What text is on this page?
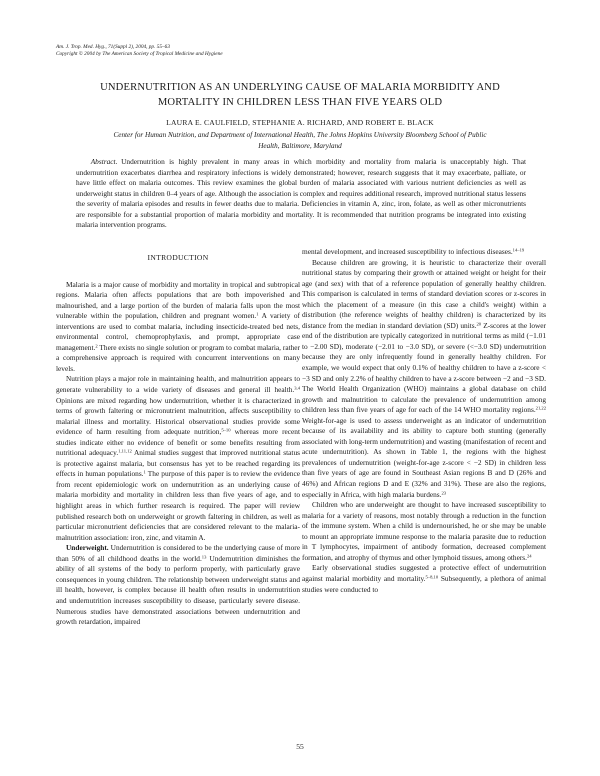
Am. J. Trop. Med. Hyg., 71(Suppl 2), 2004, pp. 55–63
Copyright © 2004 by The American Society of Tropical Medicine and Hygiene
UNDERNUTRITION AS AN UNDERLYING CAUSE OF MALARIA MORBIDITY AND
MORTALITY IN CHILDREN LESS THAN FIVE YEARS OLD
LAURA E. CAULFIELD, STEPHANIE A. RICHARD, AND ROBERT E. BLACK
Center for Human Nutrition, and Department of International Health, The Johns Hopkins University Bloomberg School of Public
Health, Baltimore, Maryland
  Abstract.  Undernutrition is highly prevalent in many areas in which morbidity and mortality from malaria is unacceptably high. That undernutrition exacerbates diarrhea and respiratory infections is widely demonstrated; however, research suggests that it may exacerbate, palliate, or have little effect on malaria outcomes. This review examines the global burden of malaria associated with various nutrient deficiencies as well as underweight status in children 0–4 years of age. Although the association is complex and requires additional research, improved nutritional status lessens the severity of malaria episodes and results in fewer deaths due to malaria. Deficiencies in vitamin A, zinc, iron, folate, as well as other micronutrients are responsible for a substantial proportion of malaria morbidity and mortality. It is recommended that nutrition programs be integrated into existing malaria intervention programs.
INTRODUCTION

Malaria is a major cause of morbidity and mortality in tropical and subtropical regions. Malaria often affects populations that are both impoverished and malnourished, and a large portion of the burden of malaria falls upon the most vulnerable within the population, children and pregnant women.$^1$ A variety of interventions are used to combat malaria, including insecticide-treated bed nets, environmental control, chemoprophylaxis, and prompt, appropriate case management.$^2$ There exists no single solution or program to combat malaria, rather a comprehensive approach is required with concurrent interventions on many levels.

Nutrition plays a major role in maintaining health, and malnutrition appears to generate vulnerability to a wide variety of diseases and general ill health.$^{3,4}$ Opinions are mixed regarding how undernutrition, whether it is characterized in terms of growth faltering or micronutrient malnutrition, affects susceptibility to malarial illness and mortality. Historical observational studies provide some evidence of harm resulting from adequate nutrition,$^{5-10}$ whereas more recent studies indicate either no evidence of benefit or some benefits resulting from nutritional adequacy.$^{1,11,12}$ Animal studies suggest that improved nutritional status is protective against malaria, but consensus has yet to be reached regarding its effects in human populations.$^1$ The purpose of this paper is to review the evidence from recent epidemiologic work on undernutrition as an underlying cause of malaria morbidity and mortality in children less than five years of age, and to highlight areas in which further research is required. The paper will review published research both on underweight or growth faltering in children, as well as particular micronutrient deficiencies that are considered relevant to the malaria-malnutrition association: iron, zinc, and vitamin A.

Underweight. Undernutrition is considered to be the underlying cause of more than 50% of all childhood deaths in the world.$^{13}$ Undernutrition diminishes the ability of all systems of the body to perform properly, with particularly grave consequences in young children. The relationship between underweight status and ill health, however, is complex because ill health often results in undernutrition and undernutrition increases susceptibility to disease, particularly severe disease. Numerous studies have demonstrated associations between undernutrition and growth retardation, impaired

mental development, and increased susceptibility to infectious diseases.$^{14-19}$

Because children are growing, it is heuristic to characterize their overall nutritional status by comparing their growth or attained weight or height for their age (and sex) with that of a reference population of generally healthy children. This comparison is calculated in terms of standard deviation scores or z-scores in which the placement of a measure (in this case a child's weight) within a distribution (the reference weights of healthy children) is characterized by its distance from the median in standard deviation (SD) units.$^{20}$ Z-scores at the lower end of the distribution are typically categorized in nutritional terms as mild (−1.01 to −2.00 SD), moderate (−2.01 to −3.0 SD), or severe (<−3.0 SD) undernutrition because they are only infrequently found in generally healthy children. For example, we would expect that only 0.1% of healthy children to have a z-score < −3 SD and only 2.2% of healthy children to have a z-score between −2 and −3 SD. The World Health Organization (WHO) maintains a global database on child growth and malnutrition to calculate the prevalence of undernutrition among children less than five years of age for each of the 14 WHO mortality regions.$^{21,22}$ Weight-for-age is used to assess underweight as an indicator of undernutrition because of its availability and its ability to capture both stunting (generally associated with long-term undernutrition) and wasting (manifestation of recent and acute undernutrition). As shown in Table 1, the regions with the highest prevalences of undernutrition (weight-for-age z-score < −2 SD) in children less than five years of age are found in Southeast Asian regions B and D (26% and 46%) and African regions D and E (32% and 31%). These are also the regions, especially in Africa, with high malaria burdens.$^{23}$

Children who are underweight are thought to have increased susceptibility to malaria for a variety of reasons, most notably through a reduction in the function of the immune system. When a child is undernourished, he or she may be unable to mount an appropriate immune response to the malaria parasite due to reduction in T lymphocytes, impairment of antibody formation, decreased complement formation, and atrophy of thymus and other lymphoid tissues, among others.$^{24}$

Early observational studies suggested a protective effect of undernutrition against malarial morbidity and mortality.$^{5-8,10}$ Subsequently, a plethora of animal studies were conducted to

55
